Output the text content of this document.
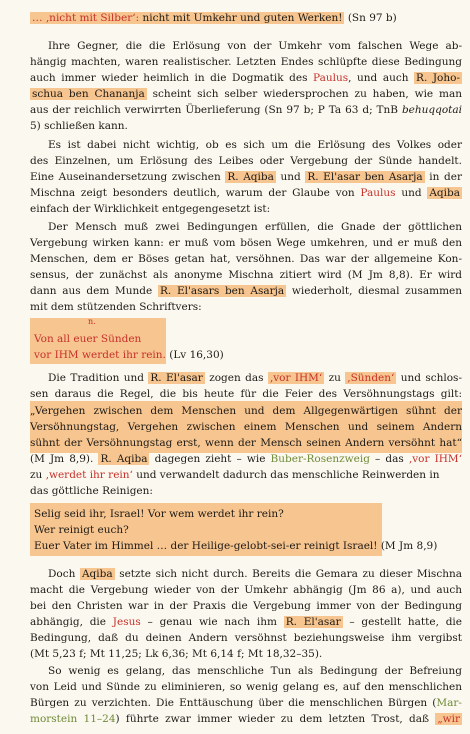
n.
… ‚nicht mit Silber‘: nicht mit Umkehr und guten Werken! (Sn 97 b)
Ihre Gegner, die die Erlösung von der Umkehr vom falschen Wege ab-
hängig machten, waren realistischer. Letzten Endes schlüpfte diese Bedingung
auch immer wieder heimlich in die Dogmatik des Paulus, und auch R. Joho-
schua ben Chananja scheint sich selber wiedersprochen zu haben, wie man
aus der reichlich verwirrten Überlieferung (Sn 97 b; P Ta 63 d; TnB behuqqotai
5) schließen kann.
Es ist dabei nicht wichtig, ob es sich um die Erlösung des Volkes oder
des Einzelnen, um Erlösung des Leibes oder Vergebung der Sünde handelt.
Eine Auseinandersetzung zwischen R. Aqiba und R. El'asar ben Asarja in der
Mischna zeigt besonders deutlich, warum der Glaube von Paulus und Aqiba
einfach der Wirklichkeit entgegengesetzt ist:
Der Mensch muß zwei Bedingungen erfüllen, die Gnade der göttlichen
Vergebung wirken kann: er muß vom bösen Wege umkehren, und er muß den
Menschen, dem er Böses getan hat, versöhnen. Das war der allgemeine Kon-
sensus, der zunächst als anonyme Mischna zitiert wird (M Jm 8,8). Er wird
dann aus dem Munde R. El'asars ben Asarja wiederholt, diesmal zusammen
mit dem stützenden Schriftvers:
Von all euer Sünden
vor IHM werdet ihr rein. (Lv 16,30)
Die Tradition und R. El'asar zogen das ‚vor IHM‘ zu ‚Sünden‘ und schlos-
sen daraus die Regel, die bis heute für die Feier des Versöhnungstags gilt:
„Vergehen zwischen dem Menschen und dem Allgegenwärtigen sühnt der
Versöhnungstag, Vergehen zwischen einem Menschen und seinem Andern
sühnt der Versöhnungstag erst, wenn der Mensch seinen Andern versöhnt hat“
(M Jm 8,9). R. Aqiba dagegen zieht – wie Buber-Rosenzweig – das ‚vor IHM‘
zu ‚werdet ihr rein‘ und verwandelt dadurch das menschliche Reinwerden in
das göttliche Reinigen:
Selig seid ihr, Israel! Vor wem werdet ihr rein?
Wer reinigt euch?
Euer Vater im Himmel … der Heilige-gelobt-sei-er reinigt Israel! (M Jm 8,9)
Doch Aqiba setzte sich nicht durch. Bereits die Gemara zu dieser Mischna
macht die Vergebung wieder von der Umkehr abhängig (Jm 86 a), und auch
bei den Christen war in der Praxis die Vergebung immer von der Bedingung
abhängig, die Jesus – genau wie nach ihm R. El'asar – gestellt hatte, die
Bedingung, daß du deinen Andern versöhnst beziehungsweise ihm vergibst
(Mt 5,23 f; Mt 11,25; Lk 6,36; Mt 6,14 f; Mt 18,32–35).
So wenig es gelang, das menschliche Tun als Bedingung der Befreiung
von Leid und Sünde zu eliminieren, so wenig gelang es, auf den menschlichen
Bürgen zu verzichten. Die Enttäuschung über die menschlichen Bürgen (Mar-
morstein 11–24) führte zwar immer wieder zu dem letzten Trost, daß „wir
